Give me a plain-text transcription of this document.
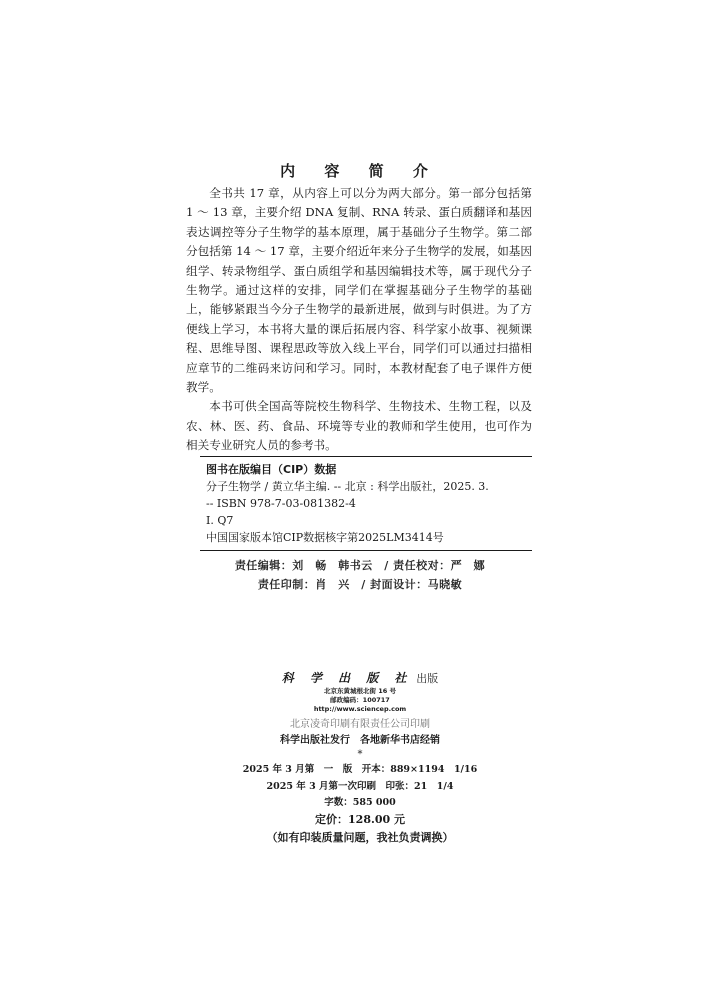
内 容 简 介

全书共 17 章，从内容上可以分为两大部分。第一部分包括第 1 ～ 13 章，主要介绍 DNA 复制、RNA 转录、蛋白质翻译和基因表达调控等分子生物学的基本原理，属于基础分子生物学。第二部分包括第 14 ～ 17 章，主要介绍近年来分子生物学的发展，如基因组学、转录物组学、蛋白质组学和基因编辑技术等，属于现代分子生物学。通过这样的安排，同学们在掌握基础分子生物学的基础上，能够紧跟当今分子生物学的最新进展，做到与时俱进。为了方便线上学习，本书将大量的课后拓展内容、科学家小故事、视频课程、思维导图、课程思政等放入线上平台，同学们可以通过扫描相应章节的二维码来访问和学习。同时，本教材配套了电子课件方便教学。

本书可供全国高等院校生物科学、生物技术、生物工程，以及农、林、医、药、食品、环境等专业的教师和学生使用，也可作为相关专业研究人员的参考书。

图书在版编目（CIP）数据
分子生物学 / 黄立华主编. -- 北京 : 科学出版社，2025. 3.
-- ISBN 978-7-03-081382-4
Ⅰ. Q7
中国国家版本馆CIP数据核字第2025LM3414号
责任编辑：刘　畅　韩书云　/ 责任校对：严　娜
责任印制：肖　兴　/ 封面设计：马晓敏
科 学 出 版 社 出版
北京东黄城根北街 16 号
邮政编码：100717
http://www.sciencep.com
北京凌奇印刷有限责任公司印刷
科学出版社发行　各地新华书店经销
*
2025 年 3 月第　一　版　开本：889×1194　1/16
2025 年 3 月第一次印刷　印张：21　1/4
字数：585 000
定价：128.00 元
（如有印装质量问题，我社负责调换）
